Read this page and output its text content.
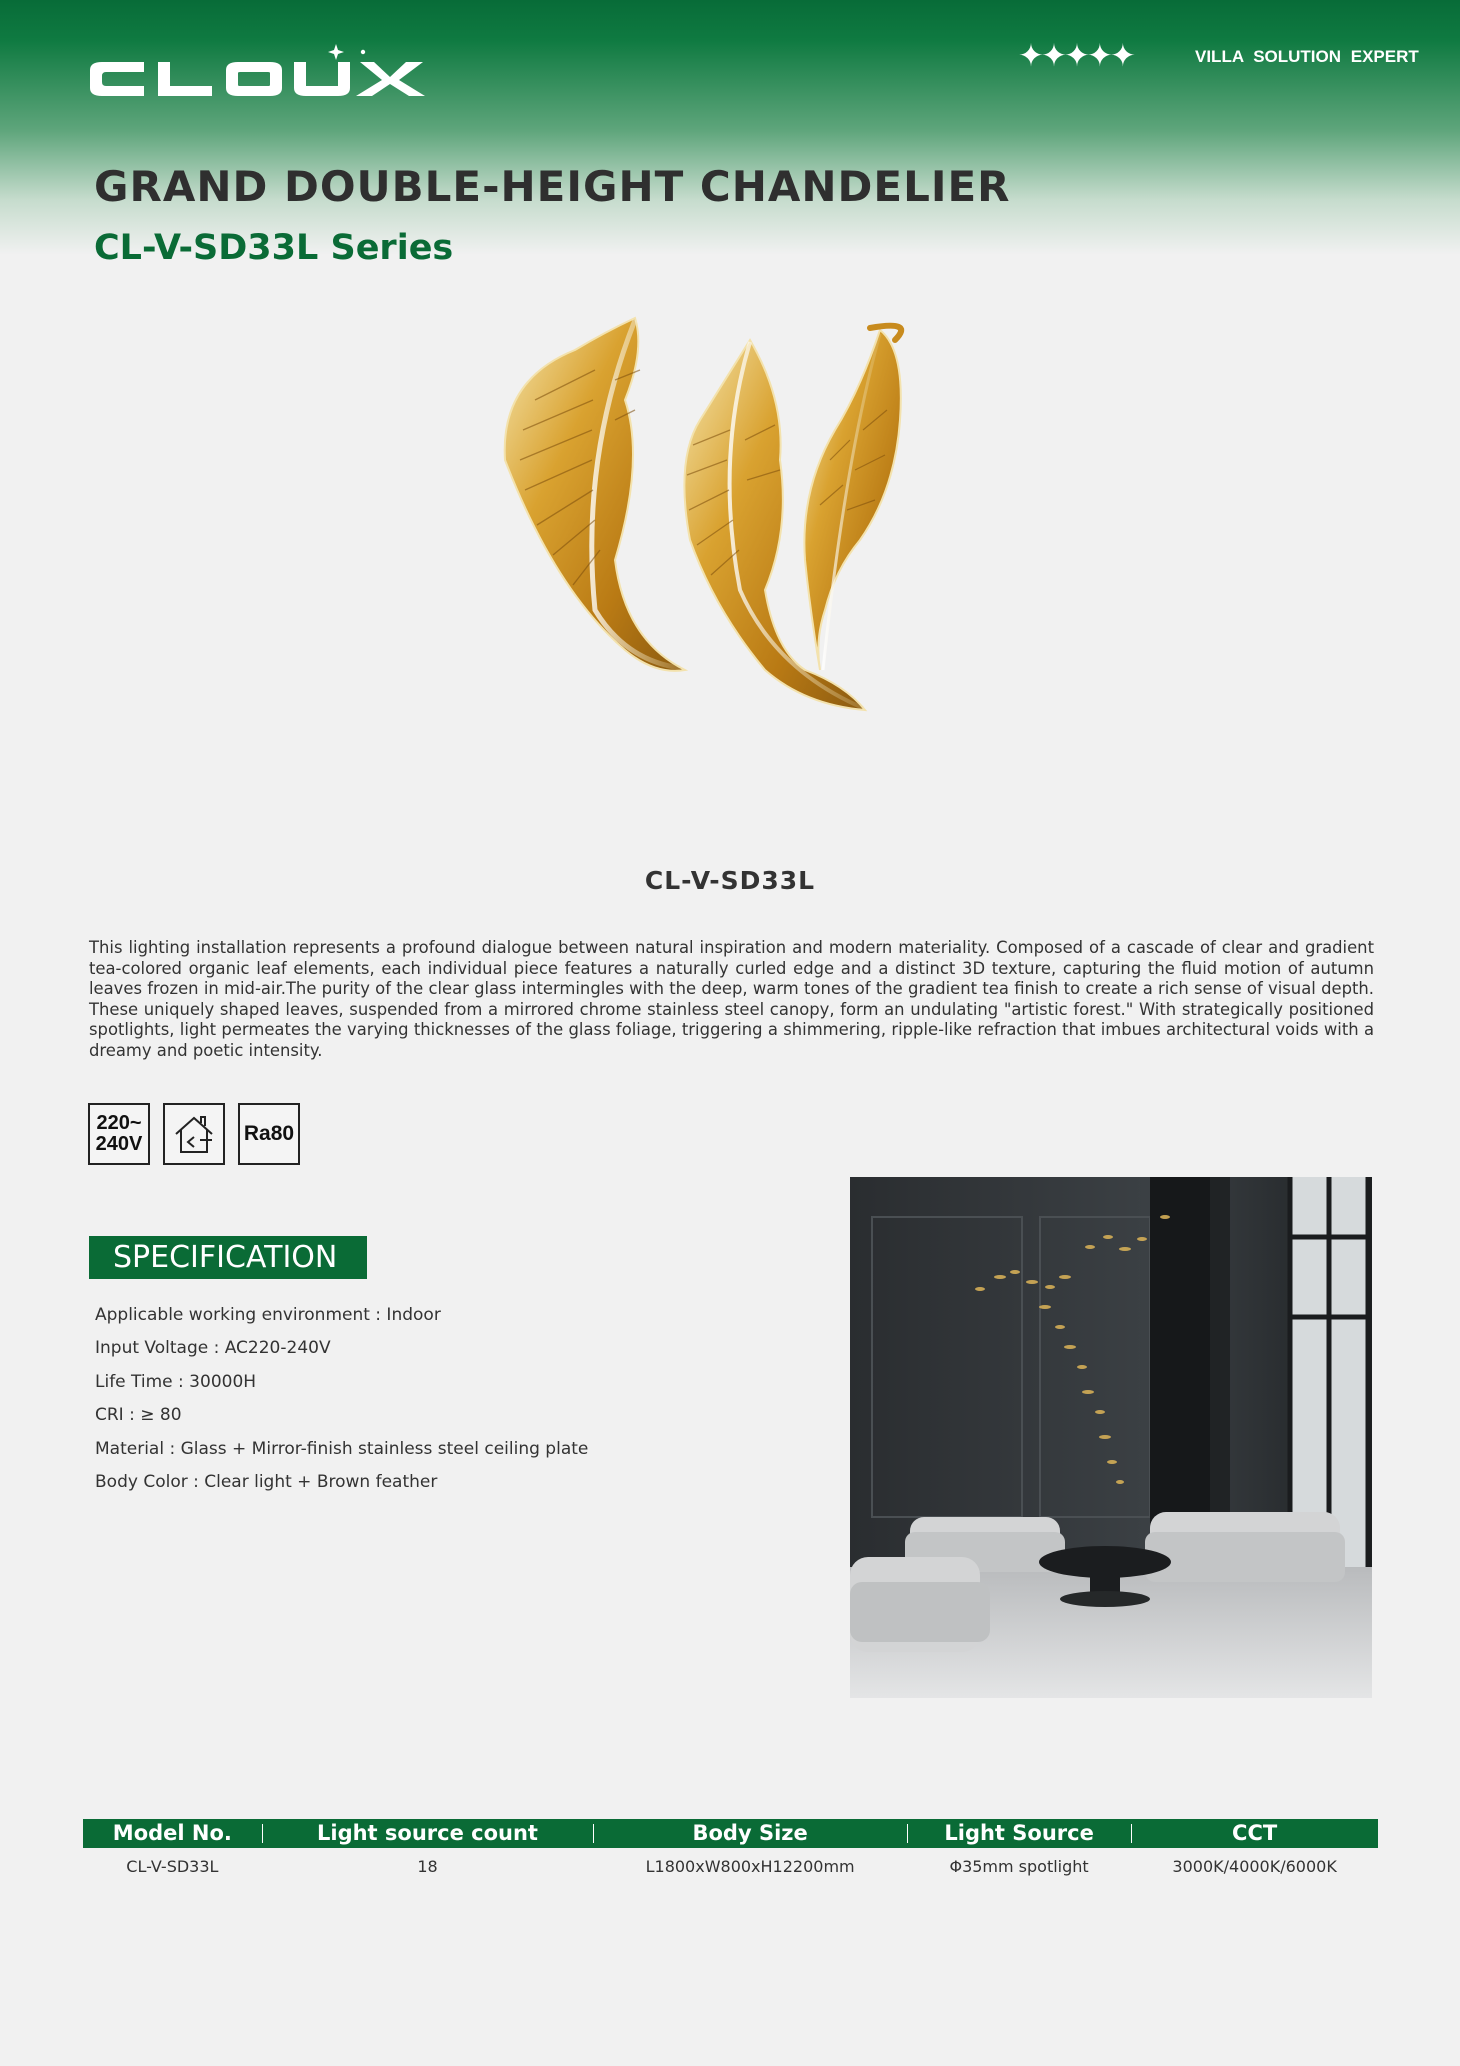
✦✦✦✦✦	VILLA SOLUTION EXPERT
GRAND DOUBLE-HEIGHT CHANDELIER
CL-V-SD33L Series
CL-V-SD33L

This lighting installation represents a profound dialogue between natural inspiration and modern materiality. Composed of a cascade of clear and gradient tea-colored organic leaf elements, each individual piece features a naturally curled edge and a distinct 3D texture, capturing the fluid motion of autumn leaves frozen in mid-air.The purity of the clear glass intermingles with the deep, warm tones of the gradient tea finish to create a rich sense of visual depth. These uniquely shaped leaves, suspended from a mirrored chrome stainless steel canopy, form an undulating "artistic forest." With strategically positioned spotlights, light permeates the varying thicknesses of the glass foliage, triggering a shimmering, ripple-like refraction that imbues architectural voids with a dreamy and poetic intensity.

220~
240V	Ra80
SPECIFICATION
Applicable working environment : Indoor
Input Voltage : AC220-240V
Life Time : 30000H
CRI : ≥ 80
Material : Glass + Mirror-finish stainless steel ceiling plate
Body Color : Clear light + Brown feather
Model No.	Light source count	Body Size	Light Source	CCT
CL-V-SD33L	18	L1800xW800xH12200mm	Φ35mm spotlight	3000K/4000K/6000K
